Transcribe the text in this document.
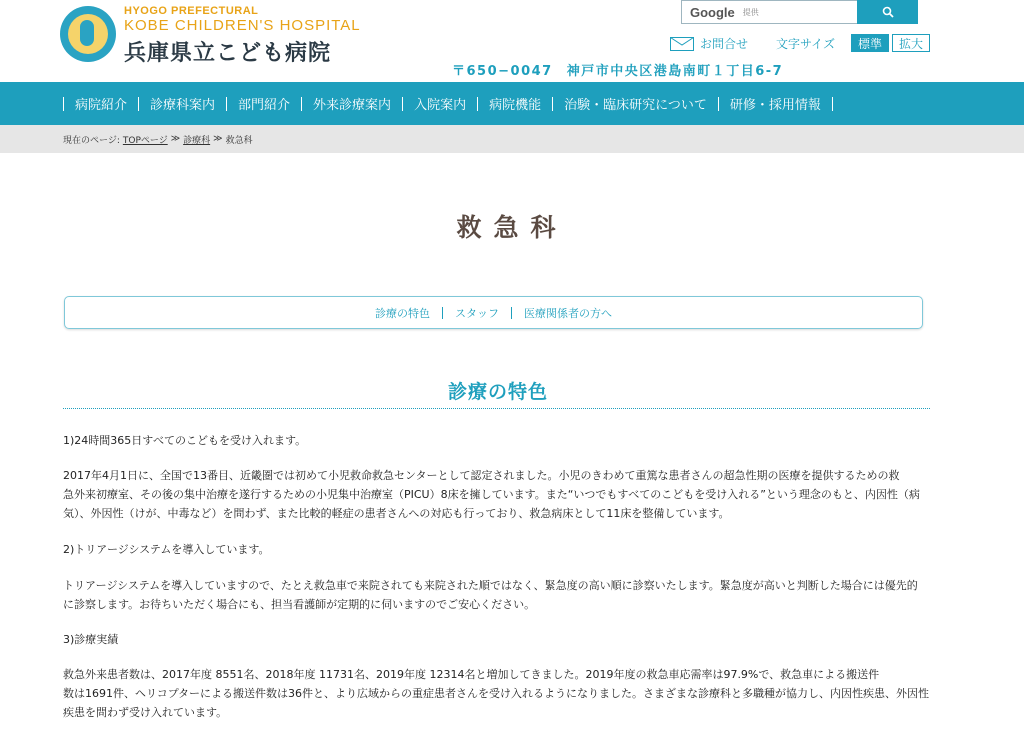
HYOGO PREFECTURAL
KOBE CHILDREN'S HOSPITAL
兵庫県立こども病院
Google 提供
お問合せ 文字サイズ	標準	拡大
〒650−0047 神戸市中央区港島南町１丁目6-7
病院紹介	診療科案内	部門紹介	外来診療案内	入院案内	病院機能	治験・臨床研究について	研修・採用情報
現在のページ: TOPページ ≫ 診療科 ≫ 救急科
救急科
診療の特色 スタッフ 医療関係者の方へ
診療の特色
1)24時間365日すべてのこどもを受け入れます。
2017年4月1日に、全国で13番目、近畿圏では初めて小児救命救急センターとして認定されました。小児のきわめて重篤な患者さんの超急性期の医療を提供するための救
急外来初療室、その後の集中治療を遂行するための小児集中治療室（PICU）8床を擁しています。また“いつでもすべてのこどもを受け入れる”という理念のもと、内因性（病
気）、外因性（けが、中毒など）を問わず、また比較的軽症の患者さんへの対応も行っており、救急病床として11床を整備しています。
2)トリアージシステムを導入しています。
トリアージシステムを導入していますので、たとえ救急車で来院されても来院された順ではなく、緊急度の高い順に診察いたします。緊急度が高いと判断した場合には優先的
に診察します。お待ちいただく場合にも、担当看護師が定期的に伺いますのでご安心ください。
3)診療実績
救急外来患者数は、2017年度 8551名、2018年度 11731名、2019年度 12314名と増加してきました。2019年度の救急車応需率は97.9%で、救急車による搬送件
数は1691件、ヘリコプターによる搬送件数は36件と、より広域からの重症患者さんを受け入れるようになりました。さまざまな診療科と多職種が協力し、内因性疾患、外因性
疾患を問わず受け入れています。
